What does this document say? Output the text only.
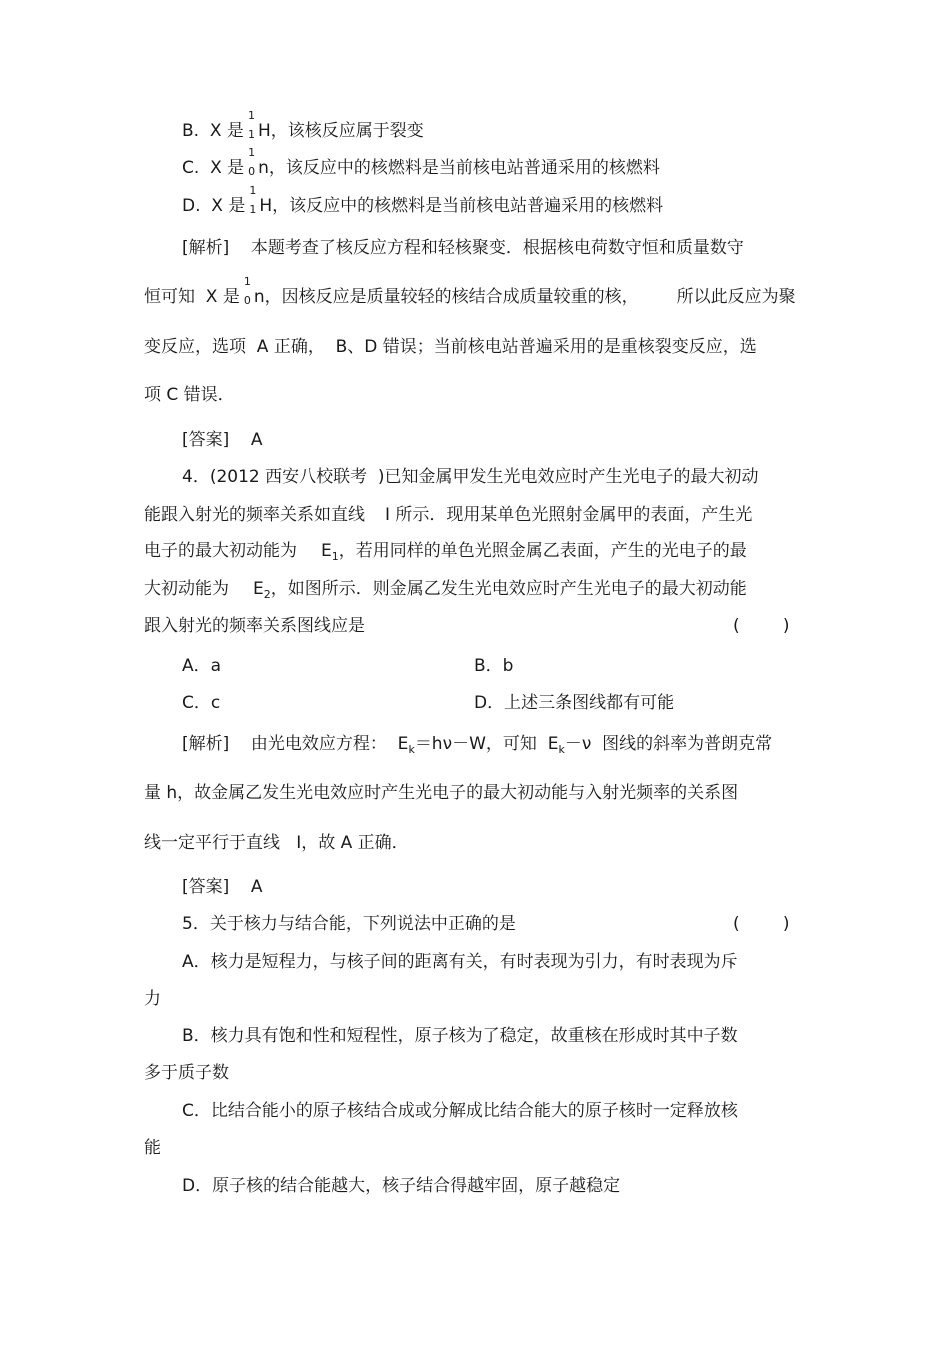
B.  X 是
1
1 H，该核反应属于裂变
C.  X 是
1
0 n，该反应中的核燃料是当前核电站普通采用的核燃料
D.  X 是
1
1 H，该反应中的核燃料是当前核电站普遍采用的核燃料
[解析]    本题考查了核反应方程和轻核聚变．根据核电荷数守恒和质量数守
恒可知  X 是
1
0 n，因核反应是质量较轻的核结合成质量较重的核， 所以此反应为聚
变反应，选项  A 正确，  B、D 错误；当前核电站普遍采用的是重核裂变反应，选
项 C 错误．
[答案]    A
4．(2012 西安八校联考  )已知金属甲发生光电效应时产生光电子的最大初动
能跟入射光的频率关系如直线 I 所示．现用某单色光照射金属甲的表面，产生光
电子的最大初动能为 $E_1$，若用同样的单色光照金属乙表面，产生的光电子的最
大初动能为 $E_2$，如图所示．则金属乙发生光电效应时产生光电子的最大初动能
跟入射光的频率关系图线应是	(        )
A．a	B．b
C．c	D．上述三条图线都有可能
[解析]    由光电效应方程：  $E_k=h\nu-W$，可知  $E_k-\nu$  图线的斜率为普朗克常
量 h，故金属乙发生光电效应时产生光电子的最大初动能与入射光频率的关系图
线一定平行于直线   I，故 A 正确．
[答案]    A
5．关于核力与结合能，下列说法中正确的是	(        )
A．核力是短程力，与核子间的距离有关，有时表现为引力，有时表现为斥
力
B．核力具有饱和性和短程性，原子核为了稳定，故重核在形成时其中子数
多于质子数
C．比结合能小的原子核结合成或分解成比结合能大的原子核时一定释放核
能
D．原子核的结合能越大，核子结合得越牢固，原子越稳定
